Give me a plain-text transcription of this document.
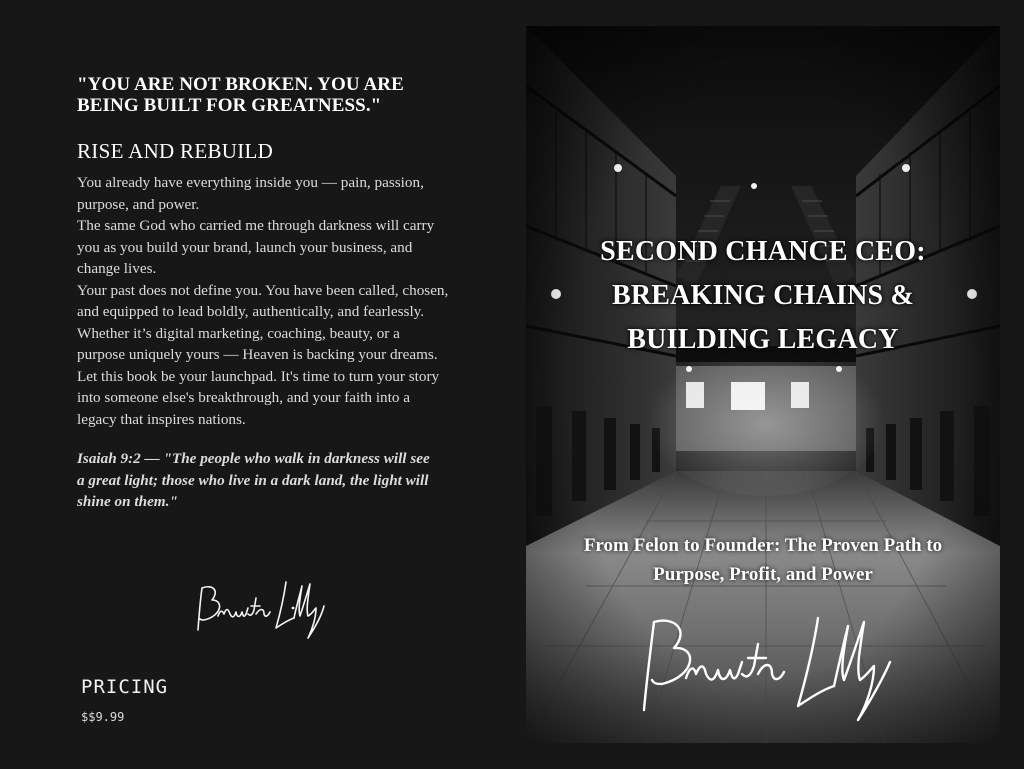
"YOU ARE NOT BROKEN. YOU ARE BEING BUILT FOR GREATNESS."
RISE AND REBUILD

You already have everything inside you — pain, passion, purpose, and power.

The same God who carried me through darkness will carry you as you build your brand, launch your business, and change lives.

Your past does not define you. You have been called, chosen, and equipped to lead boldly, authentically, and fearlessly.

Whether it’s digital marketing, coaching, beauty, or a purpose uniquely yours — Heaven is backing your dreams.

Let this book be your launchpad. It's time to turn your story into someone else's breakthrough, and your faith into a legacy that inspires nations.

Isaiah 9:2 — "The people who walk in darkness will see a great light; those who live in a dark land, the light will shine on them."

PRICING
$$9.99
SECOND CHANCE CEO:
BREAKING CHAINS &
BUILDING LEGACY

From Felon to Founder: The Proven Path to
Purpose, Profit, and Power
